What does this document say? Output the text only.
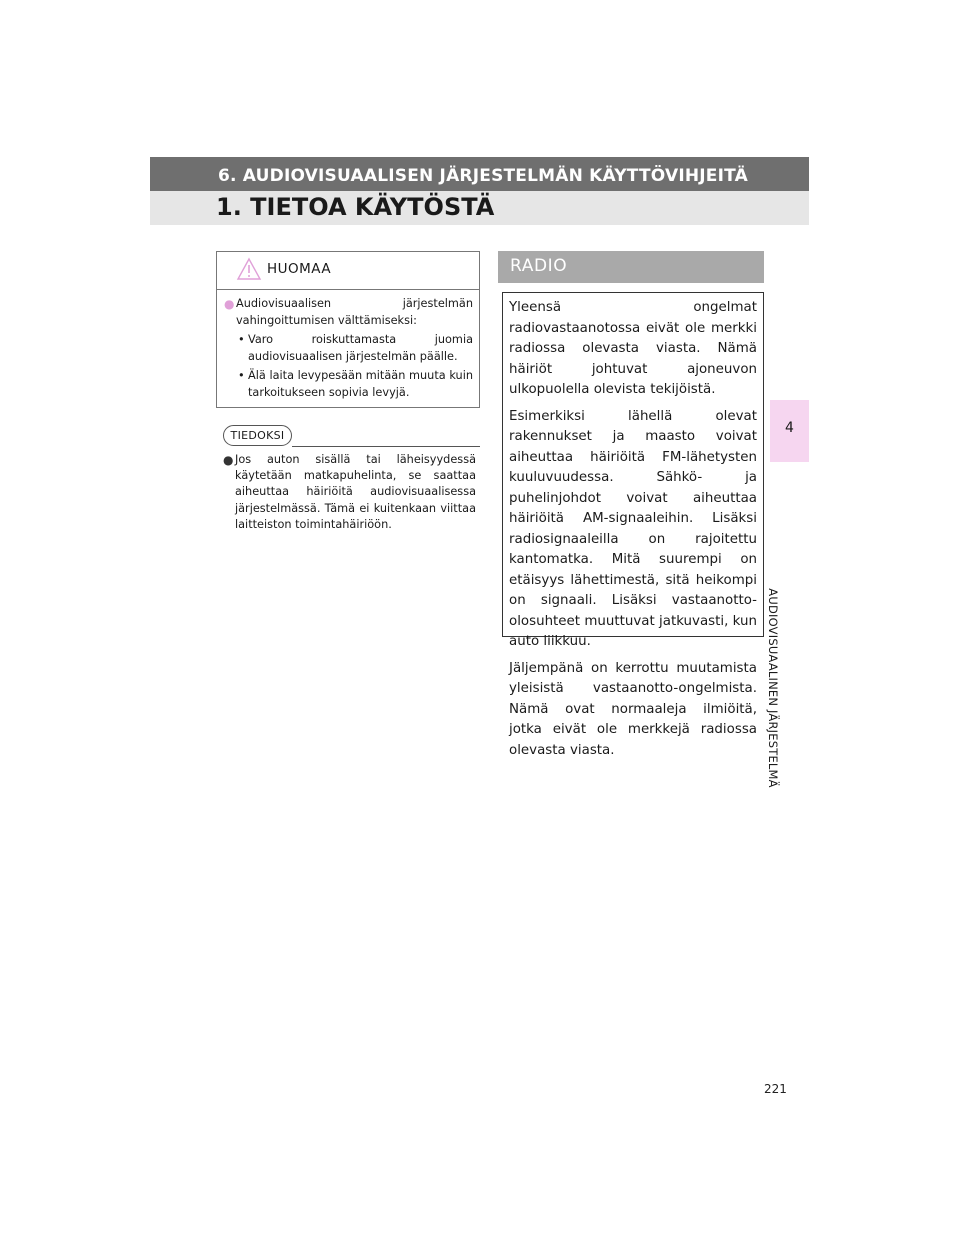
6. AUDIOVISUAALISEN JÄRJESTELMÄN KÄYTTÖVIHJEITÄ
1. TIETOA KÄYTÖSTÄ
4
AUDIOVISUAALINEN JÄRJESTELMÄ
HUOMAA
● Audiovisuaalisen järjestelmän vahingoittumisen välttämiseksi:
• Varo roiskuttamasta juomia audiovisuaalisen järjestelmän päälle.
• Älä laita levypesään mitään muuta kuin tarkoitukseen sopivia levyjä.
TIEDOKSI
● Jos auton sisällä tai läheisyydessä käytetään matkapuhelinta, se saattaa aiheuttaa häiriöitä audiovisuaalisessa järjestelmässä. Tämä ei kuitenkaan viittaa laitteiston toimintahäiriöön.
RADIO

Yleensä ongelmat radiovastaanotossa eivät ole merkki radiossa olevasta viasta. Nämä häiriöt johtuvat ajoneuvon ulkopuolella olevista tekijöistä.

Esimerkiksi lähellä olevat rakennukset ja maasto voivat aiheuttaa häiriöitä FM-lähetysten kuuluvuudessa. Sähkö- ja puhelinjohdot voivat aiheuttaa häiriöitä AM-signaaleihin. Lisäksi radiosignaaleilla on rajoitettu kantomatka. Mitä suurempi on etäisyys lähettimestä, sitä heikompi on signaali. Lisäksi vastaanotto-olosuhteet muuttuvat jatkuvasti, kun auto liikkuu.

Jäljempänä on kerrottu muutamista yleisistä vastaanotto-ongelmista. Nämä ovat normaaleja ilmiöitä, jotka eivät ole merkkejä radiossa olevasta viasta.

221
